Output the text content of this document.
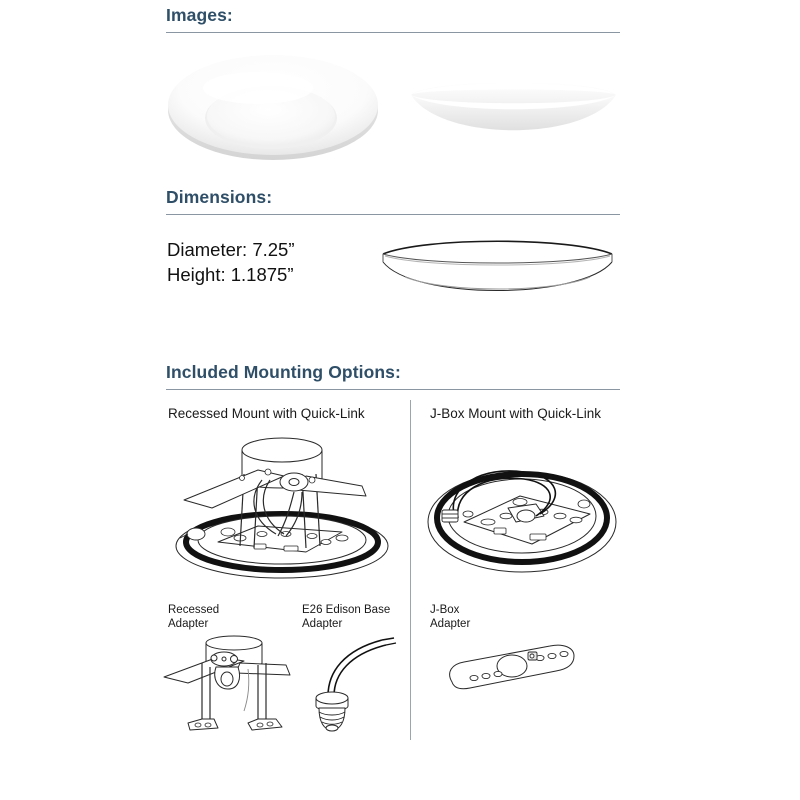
Images:
Dimensions:
Diameter: 7.25”
Height: 1.1875”
Included Mounting Options:
Recessed Mount with Quick-Link	J-Box Mount with Quick-Link
Recessed
Adapter
E26 Edison Base
Adapter
J-Box
Adapter
